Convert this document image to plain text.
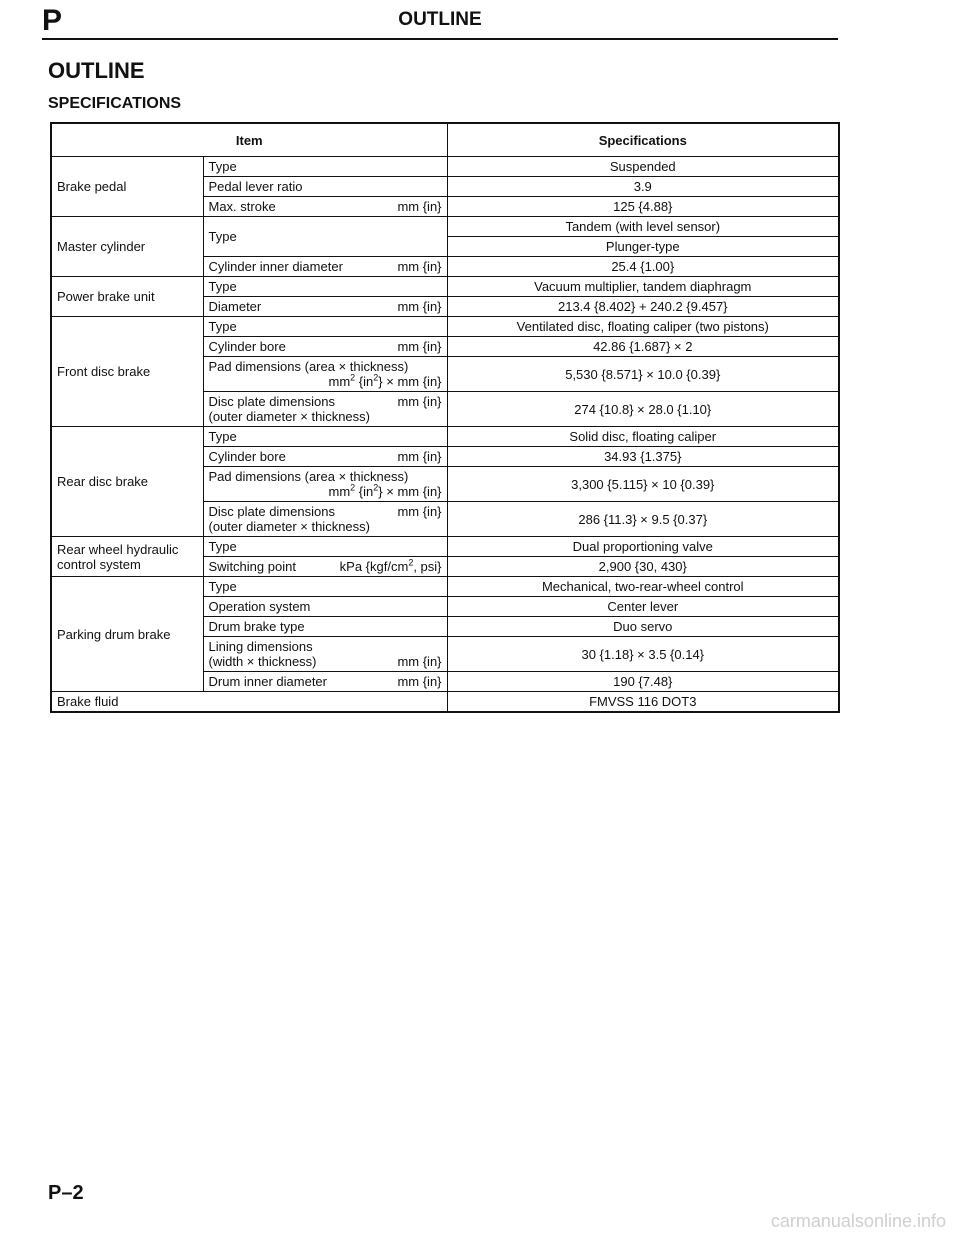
P	OUTLINE
OUTLINE
SPECIFICATIONS
Item		Specifications
Brake pedal	Type	Suspended
	Pedal lever ratio	3.9

	Max. stroke mm {in}	125 {4.88}
Master cylinder	Type	Tandem (with level sensor)
		Plunger-type

	Cylinder inner diameter mm {in}	25.4 {1.00}
Power brake unit	Type	Vacuum multiplier, tandem diaphragm

	Diameter mm {in}	213.4 {8.402} + 240.2 {9.457}
Front disc brake	Type	Ventilated disc, floating caliper (two pistons)

	Cylinder bore mm {in}	42.86 {1.687} × 2

	Pad dimensions (area × thickness)
$mm^2$ $\{in^2\}$ × mm {in}	5,530 {8.571} × 10.0 {0.39}

	Disc plate dimensions mm {in}
(outer diameter × thickness)	274 {10.8} × 28.0 {1.10}
Rear disc brake	Type	Solid disc, floating caliper

	Cylinder bore mm {in}	34.93 {1.375}

	Pad dimensions (area × thickness)
$mm^2$ $\{in^2\}$ × mm {in}	3,300 {5.115} × 10 {0.39}

	Disc plate dimensions mm {in}
(outer diameter × thickness)	286 {11.3} × 9.5 {0.37}

Rear wheel hydraulic
control system	Type	Dual proportioning valve

	Switching point kPa {$kgf/cm^2$, psi}	2,900 {30, 430}
Parking drum brake	Type	Mechanical, two-rear-wheel control
	Operation system	Center lever
	Drum brake type	Duo servo

	Lining dimensions
(width × thickness) mm {in}	30 {1.18} × 3.5 {0.14}

	Drum inner diameter mm {in}	190 {7.48}
Brake fluid		FMVSS 116 DOT3
P–2
carmanualsonline.info
